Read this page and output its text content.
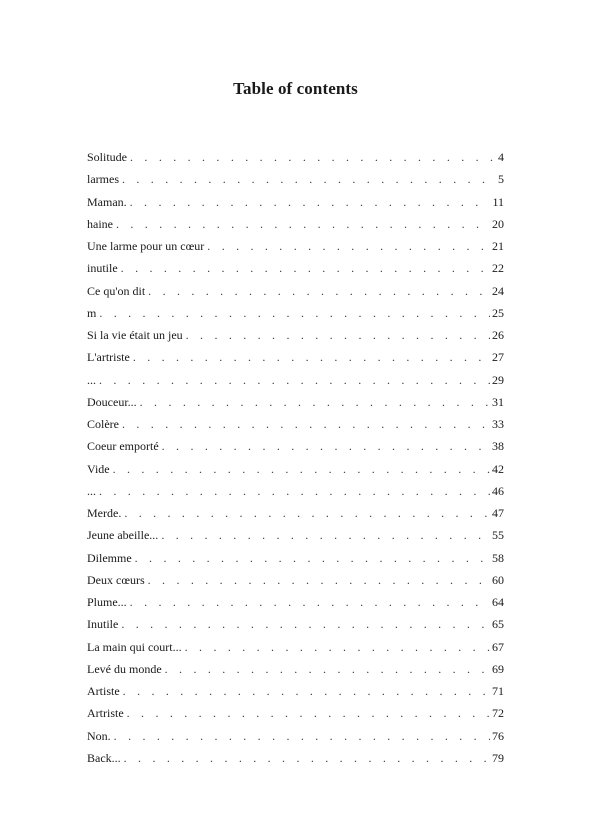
Table of contents
Solitude . . .	4
larmes . . .	5
Maman. . . .	11
haine . . .	20
Une larme pour un cœur . . .	21
inutile . . .	22
Ce qu'on dit . . .	24
m . . .	25
Si la vie était un jeu . . .	26
L'artriste . . .	27
... . . .	29
Douceur... . . .	31
Colère . . .	33
Coeur emporté . . .	38
Vide . . .	42
... . . .	46
Merde. . . .	47
Jeune abeille... . . .	55
Dilemme . . .	58
Deux cœurs . . .	60
Plume... . . .	64
Inutile . . .	65
La main qui court... . . .	67
Levé du monde . . .	69
Artiste . . .	71
Artriste . . .	72
Non. . . .	76
Back... . . .	79
